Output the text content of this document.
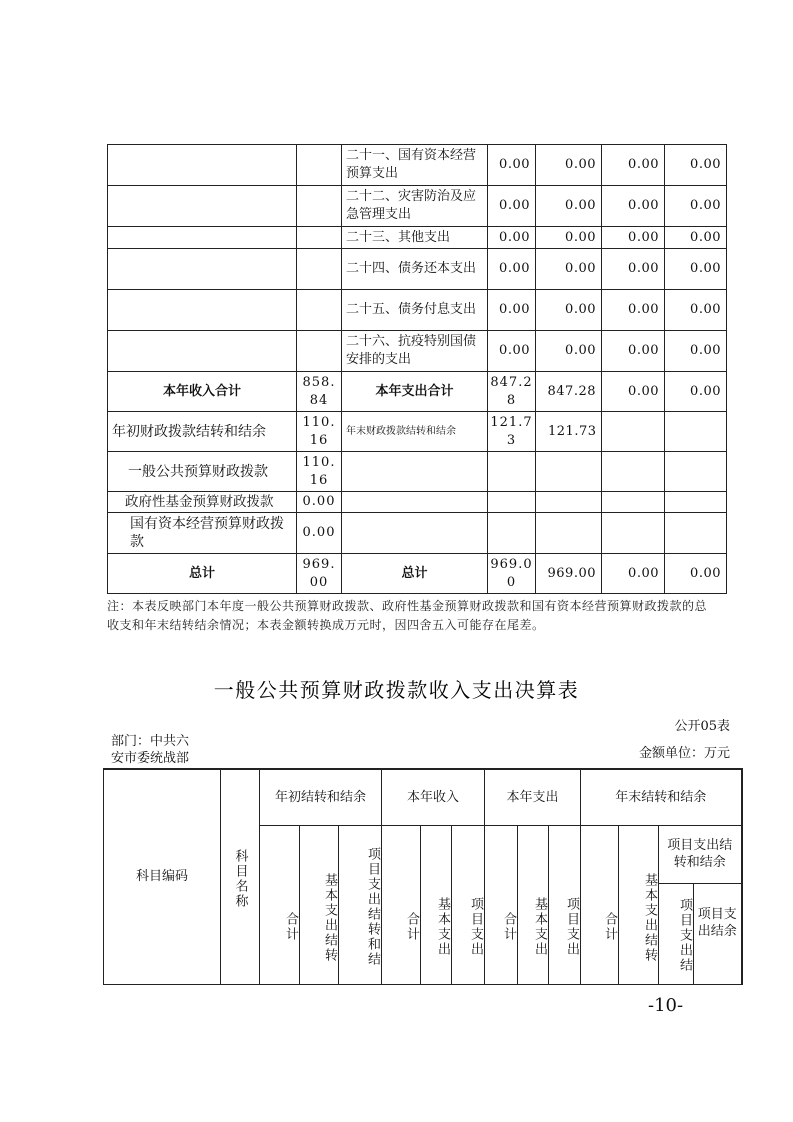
		二十一、国有资本经营预算支出	0.00	0.00	0.00	0.00
		二十二、灾害防治及应急管理支出	0.00	0.00	0.00	0.00
		二十三、其他支出	0.00	0.00	0.00	0.00
		二十四、债务还本支出	0.00	0.00	0.00	0.00
		二十五、债务付息支出	0.00	0.00	0.00	0.00
		二十六、抗疫特别国债安排的支出	0.00	0.00	0.00	0.00
本年收入合计	858.84	本年支出合计	847.28	847.28	0.00	0.00
年初财政拨款结转和结余	110.16	年末财政拨款结转和结余	121.73	121.73		
一般公共预算财政拨款	110.16					
政府性基金预算财政拨款	0.00					
国有资本经营预算财政拨款	0.00					
总计	969.00	总计	969.00	969.00	0.00	0.00
注：本表反映部门本年度一般公共预算财政拨款、政府性基金预算财政拨款和国有资本经营预算财政拨款的总收支和年末结转结余情况；本表金额转换成万元时，因四舍五入可能存在尾差。
一般公共预算财政拨款收入支出决算表
公开05表
部门：中共六安市委统战部	金额单位：万元
科目编码	科目名称	年初结转和结余			本年收入			本年支出			年末结转和结余			
		合计	基本支出结转	项目支出结转和结	合计	基本支出	项目支出	合计	基本支出	项目支出	合计	基本支出结转	项目支出结转和结余	
													项目支出结	项目支出结余
-10-
